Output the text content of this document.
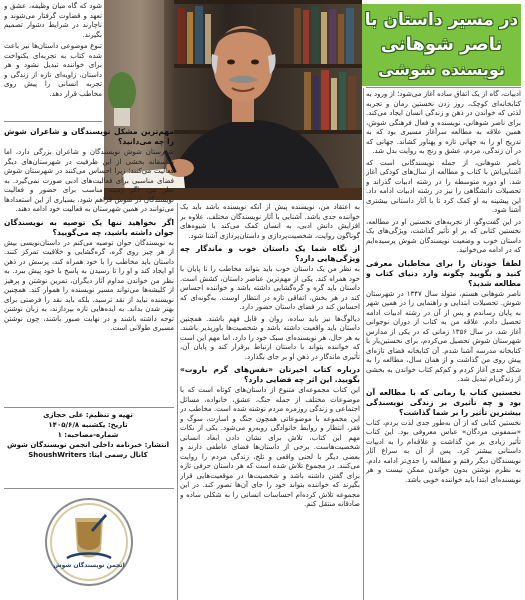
در مسیر داستان با
ناصر شوهانی
نویسنده شوشی

شود که گاه میان وظیفه، عشق و تعهد و قضاوت گرفتار می‌شوند و ناچارند در شرایط دشوار تصمیم بگیرند.

تنوع موضوعی داستان‌ها نیز باعث شده کتاب به تجربه‌ای یکنواخت برای خواننده تبدیل نشود و هر داستان، زاویه‌ای تازه از زندگی و تجربه انسانی را پیش روی مخاطب قرار دهد.

مهم‌ترین مشکل نویسندگان و شاعران شوش را چه می‌دانید؟

شهرستان شوش نویسندگان و شاعران بزرگی دارد، اما متأسفانه بخشی از این ظرفیت در شهرستان‌های دیگر فعالیت می‌کنند؛ زیرا احساس می‌کنند در شهرستان شوش فضای مناسبی برای فعالیت‌های ادبی صورت نمی‌گیرد. به نظر من، اگر زمینه مناسب برای حضور و فعالیت نویسندگان در شوش فراهم شود، بسیاری از این استعدادها می‌توانند در همین شهرستان به فعالیت خود ادامه دهند.

اگر بخواهید تنها یک توصیه به نویسندگان جوان داشته باشید، چه می‌گویید؟

به نویسندگان جوان توصیه می‌کنم در داستان‌نویسی بیش از هر چیز روی گره، گره‌گشایی و خلاقیت تمرکز کنند. داستان باید مخاطب را با خود همراه کند، پرسش در ذهن او ایجاد کند و او را تا رسیدن به پاسخ با خود پیش ببرد. به نظر من خواندن مداوم آثار دیگران، تمرین نوشتن و پرهیز از کلیشه‌ها می‌تواند مسیر نویسنده را هموار کند. همچنین نویسنده نباید از نقد ترسید، بلکه باید نقد را فرصتی برای بهتر شدن بداند. به ایده‌هایی تازه بپردازند، به زبان نوشتن توجه داشته باشند و در نهایت صبور باشند، چون نوشتن مسیری طولانی است.

تهیه و تنظیم: علی حجازی
تاریخ: یکشنبه ۱۴۰۵/۶/۸
شماره-مصاحبه: ۱
انتشار: خبرنامه داخلی انجمن نویسندگان شوش
کانال رسمی ایتا: ShoushWriters
انجمن نویسندگان شوش

به اعتقاد من، نویسنده پیش از آنکه نویسنده باشد باید یک خواننده جدی باشد. آشنایی با آثار نویسندگان مختلف، علاوه بر افزایش دانش ادبی، به انسان کمک می‌کند با شیوه‌های گوناگون روایت، شخصیت‌پردازی و داستان‌پردازی آشنا شود.

از نگاه شما یک داستان خوب و ماندگار چه ویژگی‌هایی دارد؟

به نظر من یک داستان خوب باید بتواند مخاطب را تا پایان با خود همراه کند. یکی از مهم‌ترین عناصر داستان، کشش است. داستان باید گره و گره‌گشایی داشته باشد و خواننده احساس کند در هر بخش، اتفاقی تازه در انتظار اوست. به‌گونه‌ای که احساس کند در فضای داستان حضور دارد.

دیالوگ‌ها نیز باید ساده، روان و قابل فهم باشند. همچنین داستان باید واقعیت داشته باشد و شخصیت‌ها باورپذیر باشند. به هر حال، هر نویسنده‌ای سبک خود را دارد، اما مهم این است که خواننده بتواند با داستان ارتباط برقرار کند و پایان آن، تأثیری ماندگار در ذهن او بر جای بگذارد.

درباره کتاب اخیرتان «نفس‌های گرم باروت» بگویید. این اثر چه فضایی دارد؟

این کتاب مجموعه‌ای متنوع از داستان‌های کوتاه است که با موضوعات مختلف از جمله جنگ، عشق، خانواده، مسائل اجتماعی و زندگی روزمره مردم نوشته شده است. مخاطب در این مجموعه با موضوعاتی همچون جنگ و اسارت، سوگ و فقر، انتظار و روابط خانوادگی روبه‌رو می‌شود. یکی از نکات مهم این کتاب، تلاش برای نشان دادن ابعاد انسانی شخصیت‌هاست. برخی از داستان‌ها فضای عاطفی دارند و بعضی دیگر با لحنی واقعی و تلخ، زندگی مردم را روایت می‌کنند. در مجموع تلاش شده است که هر داستان حرفی تازه برای گفتن داشته باشد و شخصیت‌ها در موقعیت‌هایی قرار بگیرند که خواننده بتواند خود را جای آن‌ها تصور کند. در این مجموعه تلاش کرده‌ام احساسات انسانی را به شکلی ساده و صادقانه منتقل کنم.

ادبیات، گاه از یک اتفاق ساده آغاز می‌شود؛ از ورود به کتابخانه‌ای کوچک، روز زدن نخستین رمان و تجربه لذتی که خواندن در ذهن و زندگی انسان ایجاد می‌کند. برای ناصر شوهانی، نویسنده و فعال فرهنگی شوش، همین علاقه به مطالعه سرآغاز مسیری بود که به تدریج او را به جهانی تازه و پهناور کشاند. جهانی که در آن زندگی، مردم، عشق و رنج به روایت بدل شد.

ناصر شوهانی، از جمله نویسندگانی است که آشنایی‌اش با کتاب و مطالعه از سال‌های کودکی آغاز شد. او دوره متوسطه را در رشته ادبیات گذراند و تحصیلات دانشگاهی را نیز در رشته ادبیات ادامه داد. این پیشینه به او کمک کرد تا با آثار داستانی بیشتری آشنا شود.

در این گفت‌وگو، از تجربه‌های نخستین او در مطالعه، نخستین کتابی که بر او تأثیر گذاشت، ویژگی‌های یک داستان خوب و وضعیت نویسندگان شوش پرسیده‌ایم که در ادامه می‌خوانید.

لطفاً خودتان را برای مخاطبان معرفی کنید و بگویید چگونه وارد دنیای کتاب و مطالعه شدید؟

ناصر شوهانی هستم، متولد سال ۱۳۴۷ در شهرستان شوش. تحصیلات ابتدایی و راهنمایی را در همین شهر به پایان رساندم و پس از آن در رشته ادبیات ادامه تحصیل دادم. علاقه من به کتاب از دوران نوجوانی آغاز شد. در سال ۱۳۵۶ زمانی که در یکی از مدارس شهرستان شوش تحصیل می‌کردم، برای نخستین‌بار با کتابخانه مدرسه آشنا شدم. آن کتابخانه فضای تازه‌ای پیش روی من گذاشت و از همان سال، مطالعه را به شکل جدی آغاز کردم و کم‌کم کتاب خواندن به بخشی از زندگی‌ام تبدیل شد.

نخستین کتاب یا رمانی که با مطالعه آن بود و چه تأثیری بر زندگی نویسندگی بیشترین تأثیر را بر شما گذاشت؟

نخستین کتابی که از آن به‌طور جدی لذت بردم، کتاب «سمفونی مردگان» عباس معروفی بود. این کتاب تأثیر زیادی بر من گذاشت و علاقه‌ام را به ادبیات داستانی بیشتر کرد. پس از آن به سراغ آثار نویسندگان دیگر رفتم و مطالعه را جدی‌تر ادامه دادم. به نظرم نوشتن بدون خواندن ممکن نیست و هر نویسنده‌ای ابتدا باید خواننده خوبی باشد.
